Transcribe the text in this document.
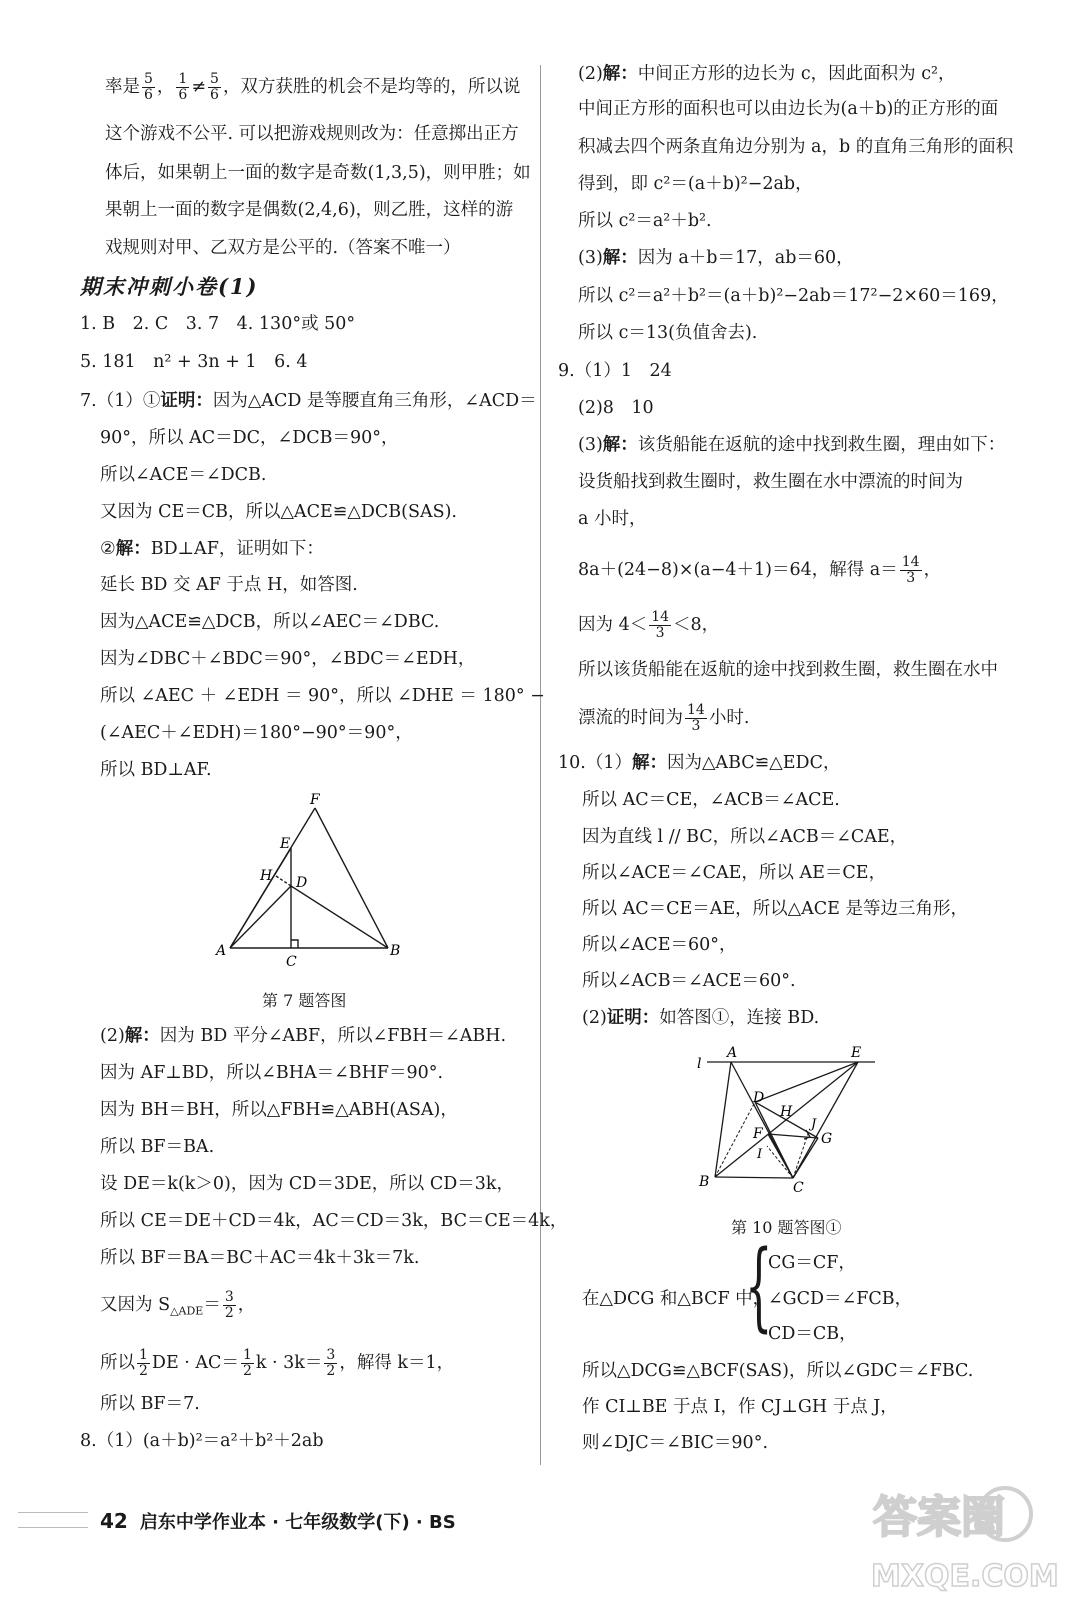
率是 $\frac{5}{6}$ ， $\frac{1}{6} \ne \frac{5}{6}$ ，双方获胜的机会不是均等的，所以说
这个游戏不公平. 可以把游戏规则改为：任意掷出正方
体后，如果朝上一面的数字是奇数(1,3,5)，则甲胜；如
果朝上一面的数字是偶数(2,4,6)，则乙胜，这样的游
戏规则对甲、乙双方是公平的.（答案不唯一）
期末冲刺小卷(1)
1. B　2. C　3. 7　4. 130°或 50°
5. 181　n² + 3n + 1　6. 4
7.（1）①证明：因为△ACD 是等腰直角三角形，∠ACD＝
90°，所以 AC＝DC，∠DCB＝90°，
所以∠ACE＝∠DCB.
又因为 CE＝CB，所以△ACE≌△DCB(SAS).
②解：BD⊥AF，证明如下：
延长 BD 交 AF 于点 H，如答图.
因为△ACE≌△DCB，所以∠AEC＝∠DBC.
因为∠DBC＋∠BDC＝90°，∠BDC＝∠EDH，
所以 ∠AEC ＋ ∠EDH ＝ 90°，所以 ∠DHE ＝ 180° −
(∠AEC＋∠EDH)＝180°−90°＝90°，
所以 BD⊥AF.
F
E
H D
A
C
B
第 7 题答图
(2)解：因为 BD 平分∠ABF，所以∠FBH＝∠ABH.
因为 AF⊥BD，所以∠BHA＝∠BHF＝90°.
因为 BH＝BH，所以△FBH≌△ABH(ASA)，
所以 BF＝BA.
设 DE＝k(k＞0)，因为 CD＝3DE，所以 CD＝3k，
所以 CE＝DE＋CD＝4k，AC＝CD＝3k，BC＝CE＝4k，
所以 BF＝BA＝BC＋AC＝4k＋3k＝7k.
又因为 $S_{\triangle ADE}= \frac{3}{2}$ ，
所以 $\frac{1}{2}$ DE · $AC= \frac{1}{2}$ $k \cdot 3k= \frac{3}{2}$ ，解得 k＝1，
所以 BF＝7.
8.（1）(a＋b)²＝a²＋b²＋2ab
(2)解：中间正方形的边长为 c，因此面积为 c²，
中间正方形的面积也可以由边长为(a＋b)的正方形的面
积减去四个两条直角边分别为 a，b 的直角三角形的面积
得到，即 c²＝(a＋b)²−2ab，
所以 c²＝a²＋b².
(3)解：因为 a＋b＝17，ab＝60，
所以 c²＝a²＋b²＝(a＋b)²−2ab＝17²−2×60＝169，
所以 c＝13(负值舍去).
9.（1）1　24
(2)8　10
(3)解：该货船能在返航的途中找到救生圈，理由如下：
设货船找到救生圈时，救生圈在水中漂流的时间为
a 小时，
8a＋(24−8)×(a−4＋1)＝64，解得 $a= \frac{14}{3}$ ，
因为 $4< \frac{14}{3} <8$，
所以该货船能在返航的途中找到救生圈，救生圈在水中
漂流的时间为 $\frac{14}{3}$ 小时.
10.（1）解：因为△ABC≌△EDC，
所以 AC＝CE，∠ACB＝∠ACE.
因为直线 l // BC，所以∠ACB＝∠CAE，
所以∠ACE＝∠CAE，所以 AE＝CE，
所以 AC＝CE＝AE，所以△ACE 是等边三角形，
所以∠ACE＝60°，
所以∠ACB＝∠ACE＝60°.
(2)证明：如答图①，连接 BD.
l
A	E
D
H
J
F	G
I
B	C
第 10 题答图①
在△DCG 和△BCF 中，
{
CG＝CF，
∠GCD＝∠FCB，
CD＝CB，
所以△DCG≌△BCF(SAS)，所以∠GDC＝∠FBC.
作 CI⊥BE 于点 I，作 CJ⊥GH 于点 J，
则∠DJC＝∠BIC＝90°.
42 启东中学作业本 · 七年级数学(下) · BS	答案圈
MXQE.COM
